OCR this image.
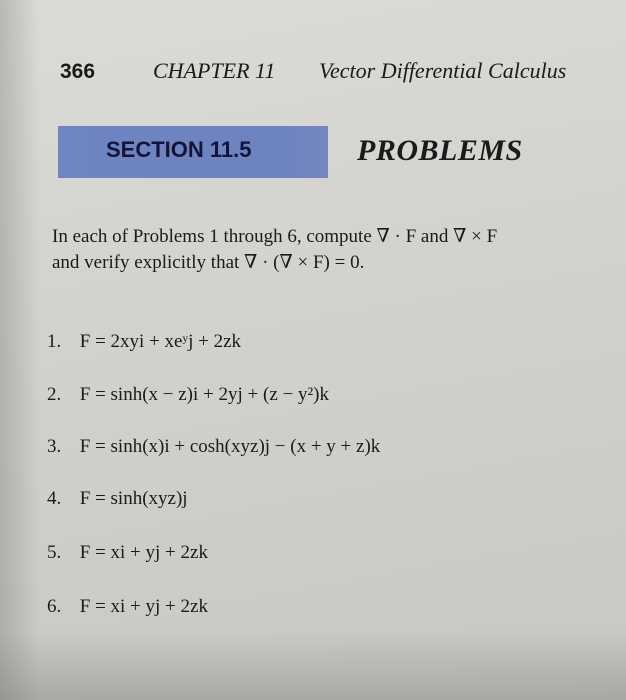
366	CHAPTER 11 Vector Differential Calculus
SECTION 11.5	PROBLEMS
In each of Problems 1 through 6, compute ∇ · F and ∇ × F
and verify explicitly that ∇ · (∇ × F) = 0.
1. F = 2xyi + xeʸj + 2zk
2. F = sinh(x − z)i + 2yj + (z − y²)k
3. F = sinh(x)i + cosh(xyz)j − (x + y + z)k
4. F = sinh(xyz)j
5. F = xi + yj + 2zk
6. F = xi + yj + 2zk
